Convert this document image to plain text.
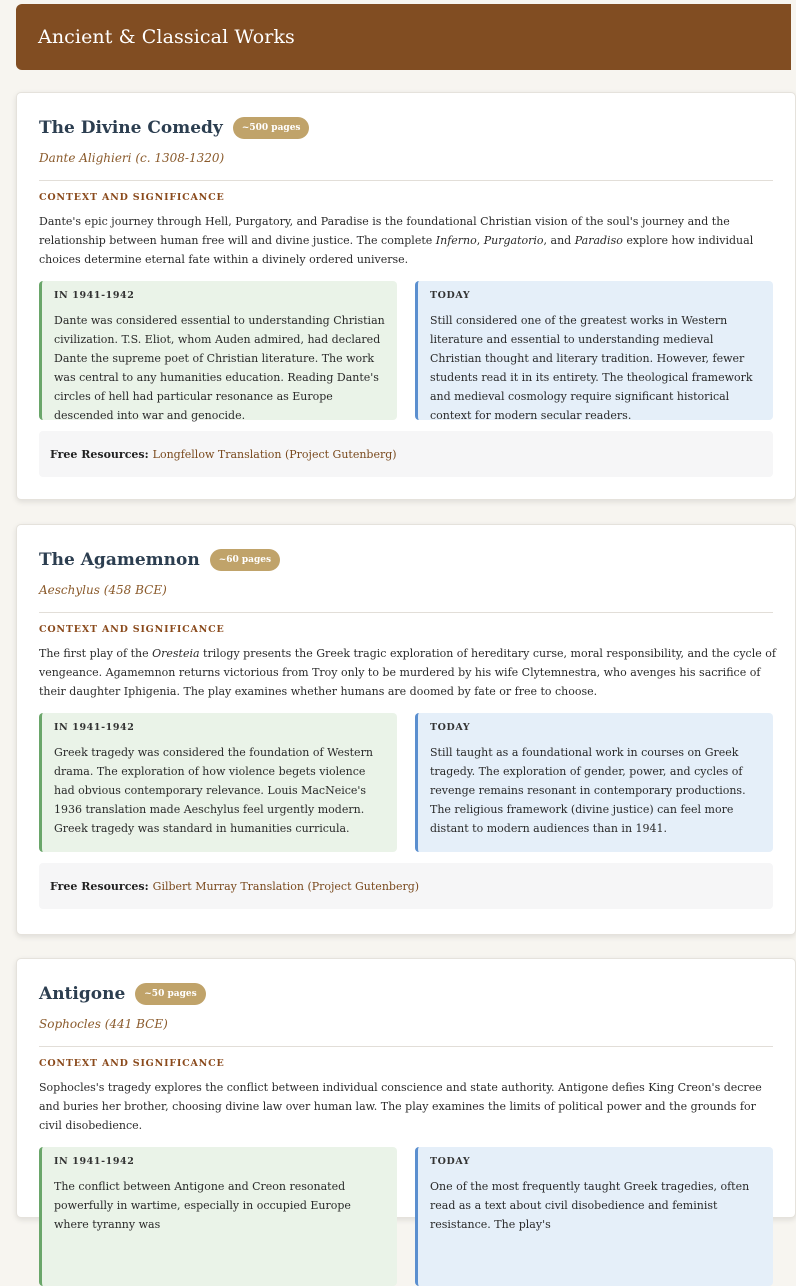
Ancient & Classical Works
The Divine Comedy	~500 pages
Dante Alighieri (c. 1308-1320)
CONTEXT AND SIGNIFICANCE
Dante's epic journey through Hell, Purgatory, and Paradise is the foundational Christian vision of the soul's journey and the relationship between human free will and divine justice. The complete Inferno, Purgatorio, and Paradiso explore how individual choices determine eternal fate within a divinely ordered universe.
IN 1941-1942
Dante was considered essential to understanding Christian civilization. T.S. Eliot, whom Auden admired, had declared Dante the supreme poet of Christian literature. The work was central to any humanities education. Reading Dante's circles of hell had particular resonance as Europe descended into war and genocide.
TODAY
Still considered one of the greatest works in Western literature and essential to understanding medieval Christian thought and literary tradition. However, fewer students read it in its entirety. The theological framework and medieval cosmology require significant historical context for modern secular readers.
Free Resources: Longfellow Translation (Project Gutenberg)
The Agamemnon	~60 pages
Aeschylus (458 BCE)
CONTEXT AND SIGNIFICANCE
The first play of the Oresteia trilogy presents the Greek tragic exploration of hereditary curse, moral responsibility, and the cycle of vengeance. Agamemnon returns victorious from Troy only to be murdered by his wife Clytemnestra, who avenges his sacrifice of their daughter Iphigenia. The play examines whether humans are doomed by fate or free to choose.
IN 1941-1942
Greek tragedy was considered the foundation of Western drama. The exploration of how violence begets violence had obvious contemporary relevance. Louis MacNeice's 1936 translation made Aeschylus feel urgently modern. Greek tragedy was standard in humanities curricula.
TODAY
Still taught as a foundational work in courses on Greek tragedy. The exploration of gender, power, and cycles of revenge remains resonant in contemporary productions. The religious framework (divine justice) can feel more distant to modern audiences than in 1941.
Free Resources: Gilbert Murray Translation (Project Gutenberg)
Antigone	~50 pages
Sophocles (441 BCE)
CONTEXT AND SIGNIFICANCE
Sophocles's tragedy explores the conflict between individual conscience and state authority. Antigone defies King Creon's decree and buries her brother, choosing divine law over human law. The play examines the limits of political power and the grounds for civil disobedience.
IN 1941-1942
The conflict between Antigone and Creon resonated powerfully in wartime, especially in occupied Europe where tyranny was
TODAY
One of the most frequently taught Greek tragedies, often read as a text about civil disobedience and feminist resistance. The play's
